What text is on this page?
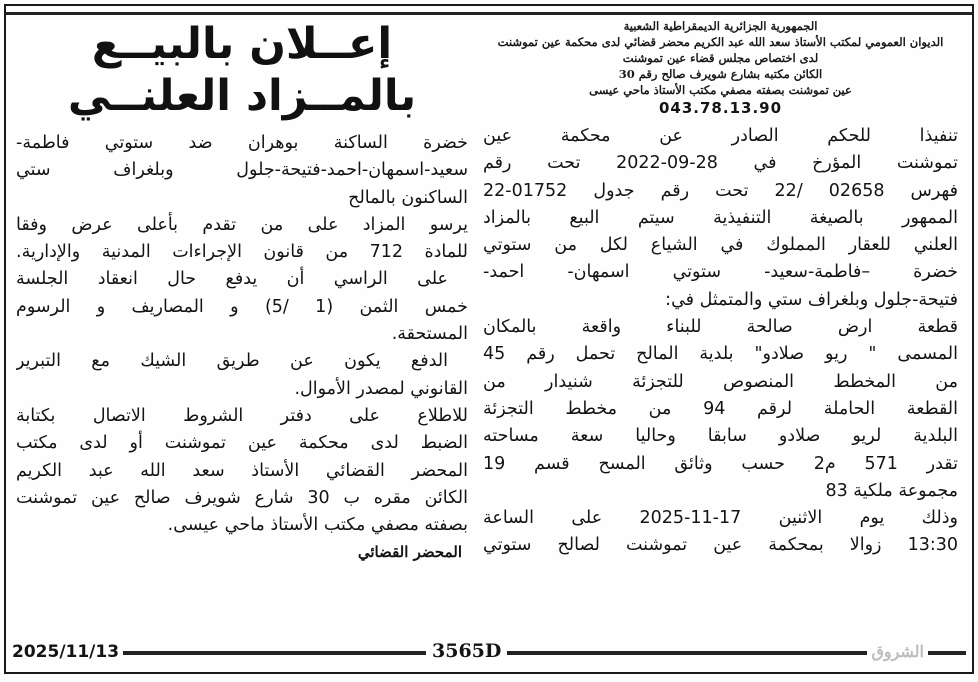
الجمهورية الجزائرية الديمقراطية الشعبية
الديوان العمومي لمكتب الأستاذ سعد الله عبد الكريم محضر قضائي لدى محكمة عين تموشنت
لدى اختصاص مجلس قضاء عين تموشنت
الكائن مكتبه بشارع شويرف صالح رقم 30
عين تموشنت بصفته مصفي مكتب الأستاذ ماحي عيسى
043.78.13.90
تنفيذا للحكم الصادر عن محكمة عين
تموشنت المؤرخ في 28-09-2022 تحت رقم
فهرس 02658 /22 تحت رقم جدول 01752-22
الممهور بالصيغة التنفيذية سيتم البيع بالمزاد
العلني للعقار المملوك في الشياع لكل من ستوتي
خضرة –فاطمة-سعيد- ستوتي اسمهان- احمد-
فتيحة-جلول وبلغراف ستي والمتمثل في:
قطعة ارض صالحة للبناء واقعة بالمكان
المسمى " ريو صلادو" بلدية المالح تحمل رقم 45
من المخطط المنصوص للتجزئة شنيدار من
القطعة الحاملة لرقم 94 من مخطط التجزئة
البلدية لريو صلادو سابقا وحاليا سعة مساحته
تقدر 571 م2 حسب وثائق المسح قسم 19
مجموعة ملكية 83
وذلك يوم الاثنين 17-11-2025 على الساعة
13:30 زوالا بمحكمة عين تموشنت لصالح ستوتي
إعــلان بالبيــع
بالمــزاد العلنــي
خضرة الساكنة بوهران ضد ستوتي فاطمة-
سعيد-اسمهان-احمد-فتيحة-جلول وبلغراف ستي
الساكنون بالمالح
يرسو المزاد على من تقدم بأعلى عرض وفقا
للمادة 712 من قانون الإجراءات المدنية والإدارية.
على الراسي أن يدفع حال انعقاد الجلسة
خمس الثمن (1 /5) و المصاريف و الرسوم
المستحقة.
الدفع يكون عن طريق الشيك مع التبرير
القانوني لمصدر الأموال.
للاطلاع على دفتر الشروط الاتصال بكتابة
الضبط لدى محكمة عين تموشنت أو لدى مكتب
المحضر القضائي الأستاذ سعد الله عبد الكريم
الكائن مقره ب 30 شارع شويرف صالح عين تموشنت
بصفته مصفي مكتب الأستاذ ماحي عيسى.
المحضر القضائي
2025/11/13	3565D	الشروق
